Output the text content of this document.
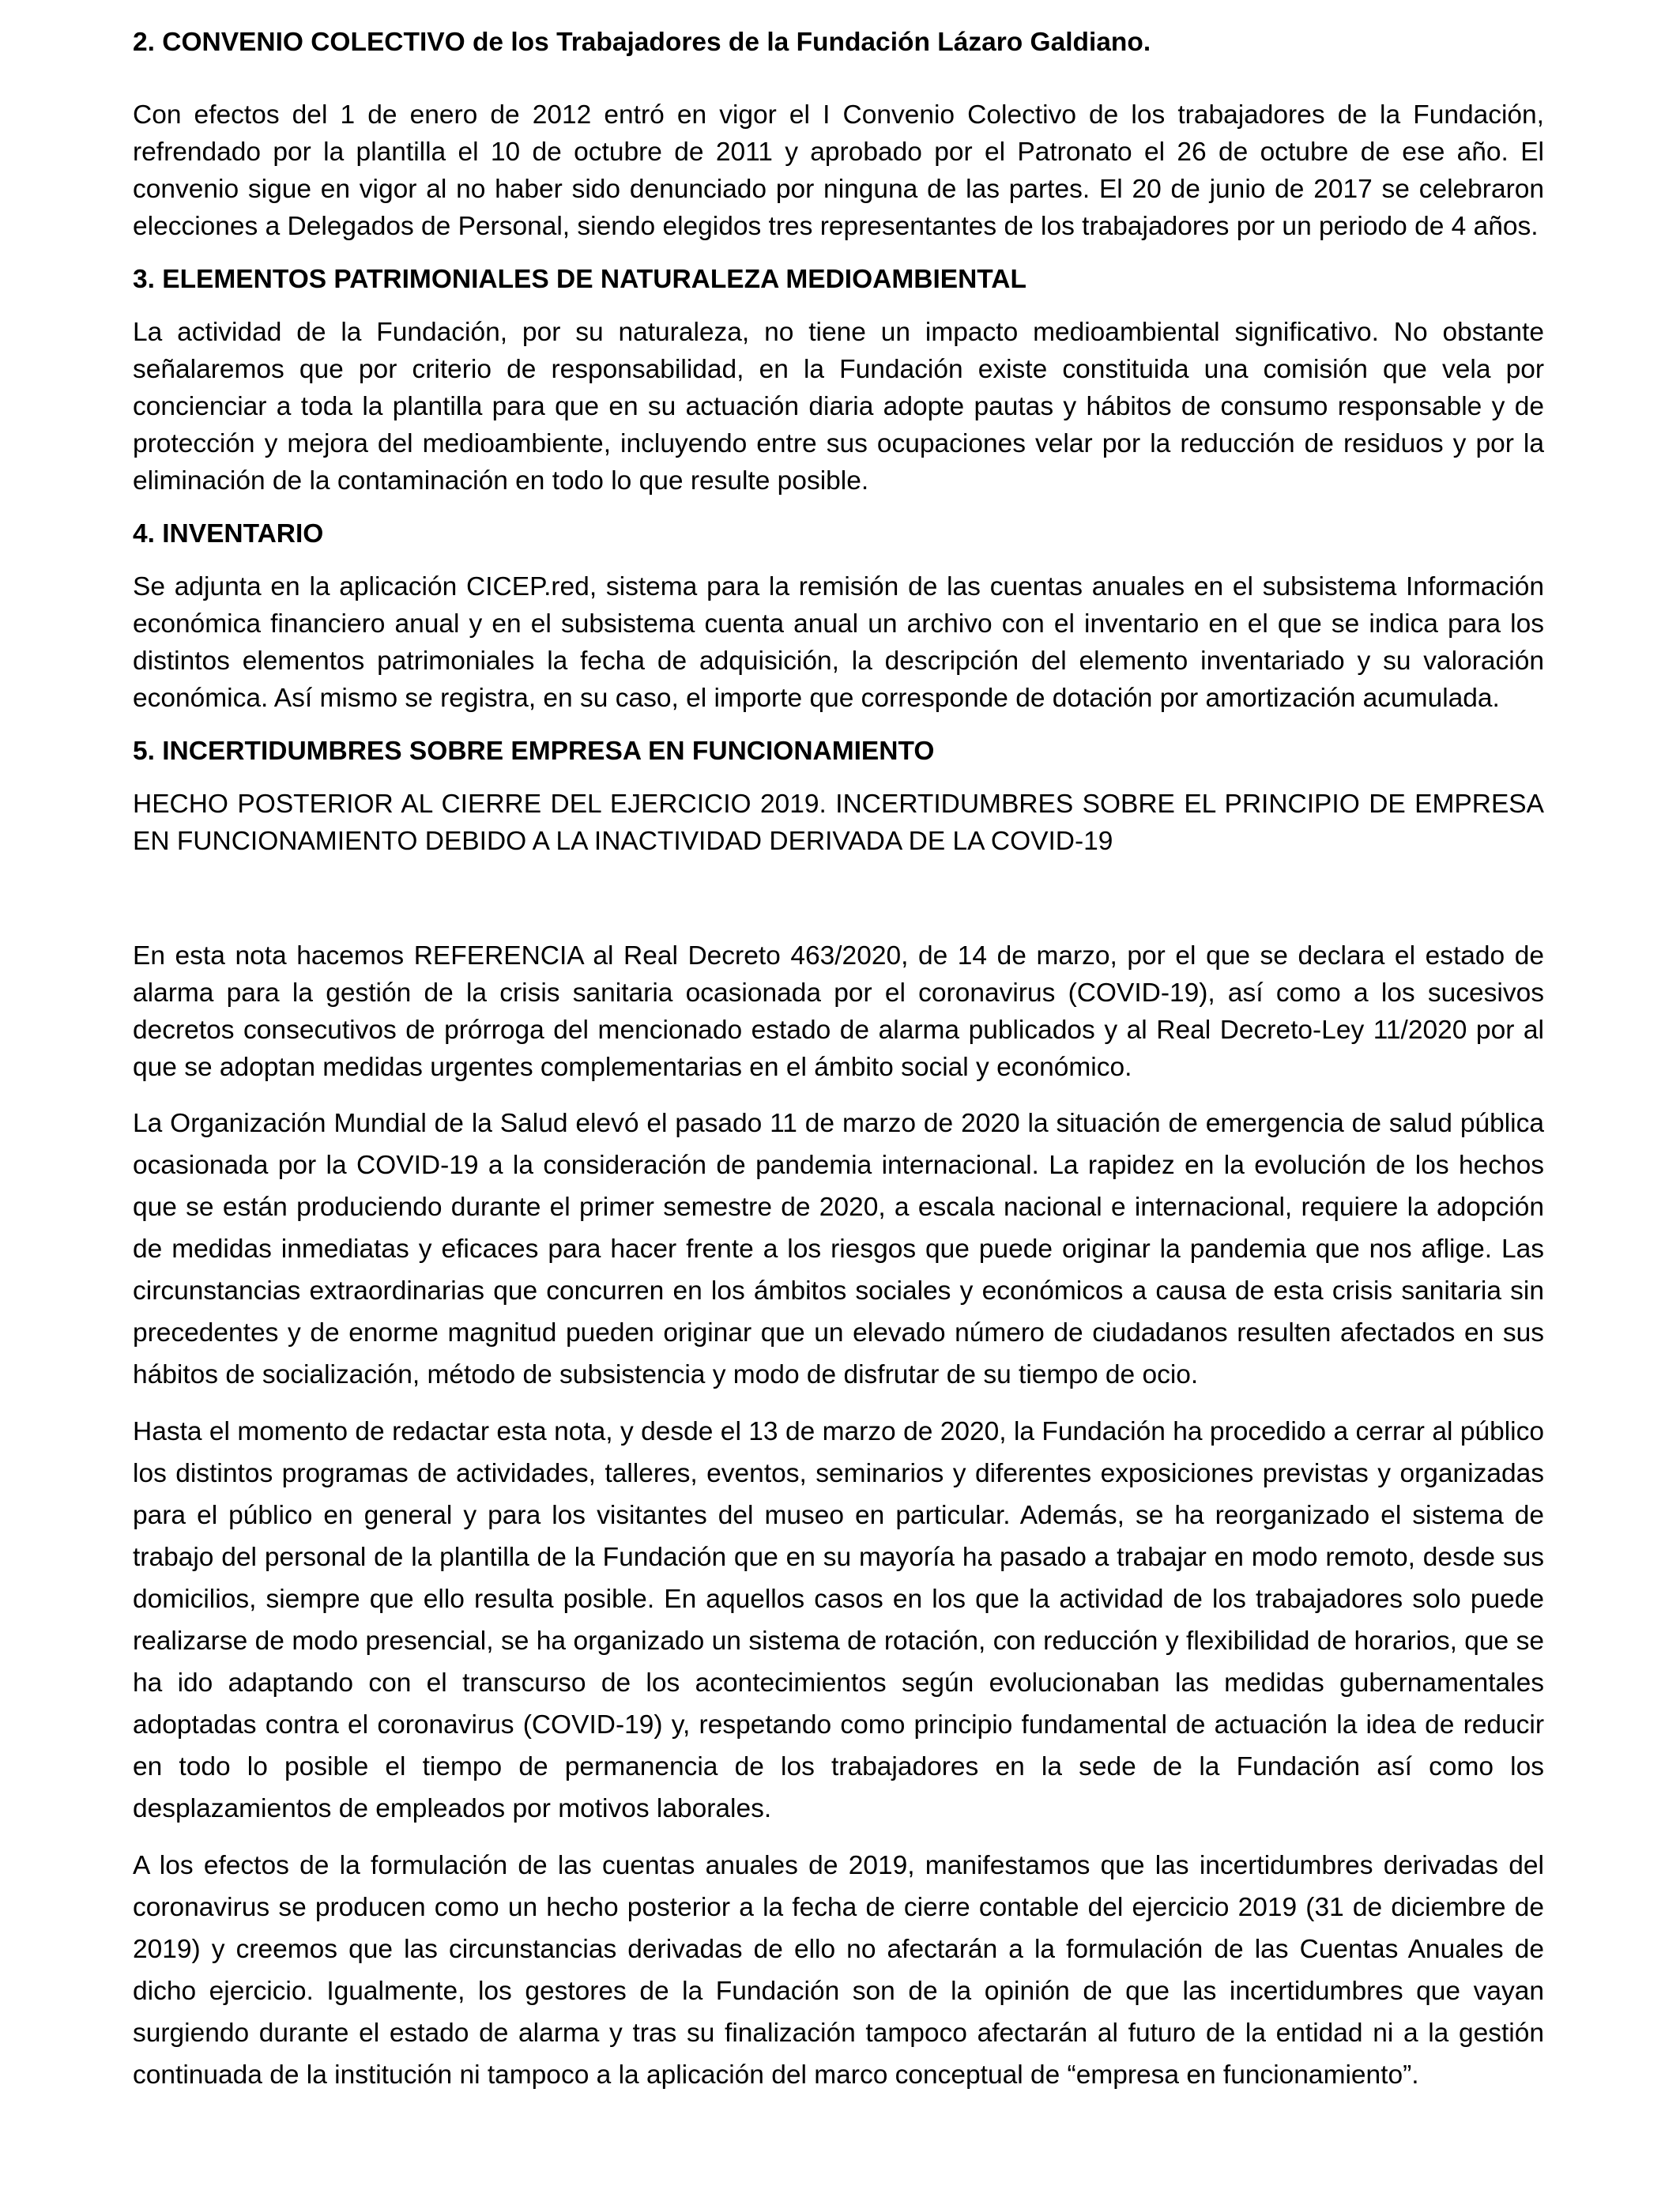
2. CONVENIO COLECTIVO de los Trabajadores de la Fundación Lázaro Galdiano.

Con efectos del 1 de enero de 2012 entró en vigor el I Convenio Colectivo de los trabajadores de la Fundación, refrendado por la plantilla el 10 de octubre de 2011 y aprobado por el Patronato el 26 de octubre de ese año. El convenio sigue en vigor al no haber sido denunciado por ninguna de las partes. El 20 de junio de 2017 se celebraron elecciones a Delegados de Personal, siendo elegidos tres representantes de los trabajadores por un periodo de 4 años.

3. ELEMENTOS PATRIMONIALES DE NATURALEZA MEDIOAMBIENTAL

La actividad de la Fundación, por su naturaleza, no tiene un impacto medioambiental significativo. No obstante señalaremos que por criterio de responsabilidad, en la Fundación existe constituida una comisión que vela por concienciar a toda la plantilla para que en su actuación diaria adopte pautas y hábitos de consumo responsable y de protección y mejora del medioambiente, incluyendo entre sus ocupaciones velar por la reducción de residuos y por la eliminación de la contaminación en todo lo que resulte posible.

4. INVENTARIO

Se adjunta en la aplicación CICEP.red, sistema para la remisión de las cuentas anuales en el subsistema Información económica financiero anual y en el subsistema cuenta anual un archivo con el inventario en el que se indica para los distintos elementos patrimoniales la fecha de adquisición, la descripción del elemento inventariado y su valoración económica. Así mismo se registra, en su caso, el importe que corresponde de dotación por amortización acumulada.

5. INCERTIDUMBRES SOBRE EMPRESA EN FUNCIONAMIENTO

HECHO POSTERIOR AL CIERRE DEL EJERCICIO 2019. INCERTIDUMBRES SOBRE EL PRINCIPIO DE EMPRESA EN FUNCIONAMIENTO DEBIDO A LA INACTIVIDAD DERIVADA DE LA COVID-19

En esta nota hacemos REFERENCIA al Real Decreto 463/2020, de 14 de marzo, por el que se declara el estado de alarma para la gestión de la crisis sanitaria ocasionada por el coronavirus (COVID-19), así como a los sucesivos decretos consecutivos de prórroga del mencionado estado de alarma publicados y al Real Decreto-Ley 11/2020 por al que se adoptan medidas urgentes complementarias en el ámbito social y económico.

La Organización Mundial de la Salud elevó el pasado 11 de marzo de 2020 la situación de emergencia de salud pública ocasionada por la COVID-19 a la consideración de pandemia internacional. La rapidez en la evolución de los hechos que se están produciendo durante el primer semestre de 2020, a escala nacional e internacional, requiere la adopción de medidas inmediatas y eficaces para hacer frente a los riesgos que puede originar la pandemia que nos aflige. Las circunstancias extraordinarias que concurren en los ámbitos sociales y económicos a causa de esta crisis sanitaria sin precedentes y de enorme magnitud pueden originar que un elevado número de ciudadanos resulten afectados en sus hábitos de socialización, método de subsistencia y modo de disfrutar de su tiempo de ocio.

Hasta el momento de redactar esta nota, y desde el 13 de marzo de 2020, la Fundación ha procedido a cerrar al público los distintos programas de actividades, talleres, eventos, seminarios y diferentes exposiciones previstas y organizadas para el público en general y para los visitantes del museo en particular. Además, se ha reorganizado el sistema de trabajo del personal de la plantilla de la Fundación que en su mayoría ha pasado a trabajar en modo remoto, desde sus domicilios, siempre que ello resulta posible. En aquellos casos en los que la actividad de los trabajadores solo puede realizarse de modo presencial, se ha organizado un sistema de rotación, con reducción y flexibilidad de horarios, que se ha ido adaptando con el transcurso de los acontecimientos según evolucionaban las medidas gubernamentales adoptadas contra el coronavirus (COVID-19) y, respetando como principio fundamental de actuación la idea de reducir en todo lo posible el tiempo de permanencia de los trabajadores en la sede de la Fundación así como los desplazamientos de empleados por motivos laborales.

A los efectos de la formulación de las cuentas anuales de 2019, manifestamos que las incertidumbres derivadas del coronavirus se producen como un hecho posterior a la fecha de cierre contable del ejercicio 2019 (31 de diciembre de 2019) y creemos que las circunstancias derivadas de ello no afectarán a la formulación de las Cuentas Anuales de dicho ejercicio. Igualmente, los gestores de la Fundación son de la opinión de que las incertidumbres que vayan surgiendo durante el estado de alarma y tras su finalización tampoco afectarán al futuro de la entidad ni a la gestión continuada de la institución ni tampoco a la aplicación del marco conceptual de “empresa en funcionamiento”.
